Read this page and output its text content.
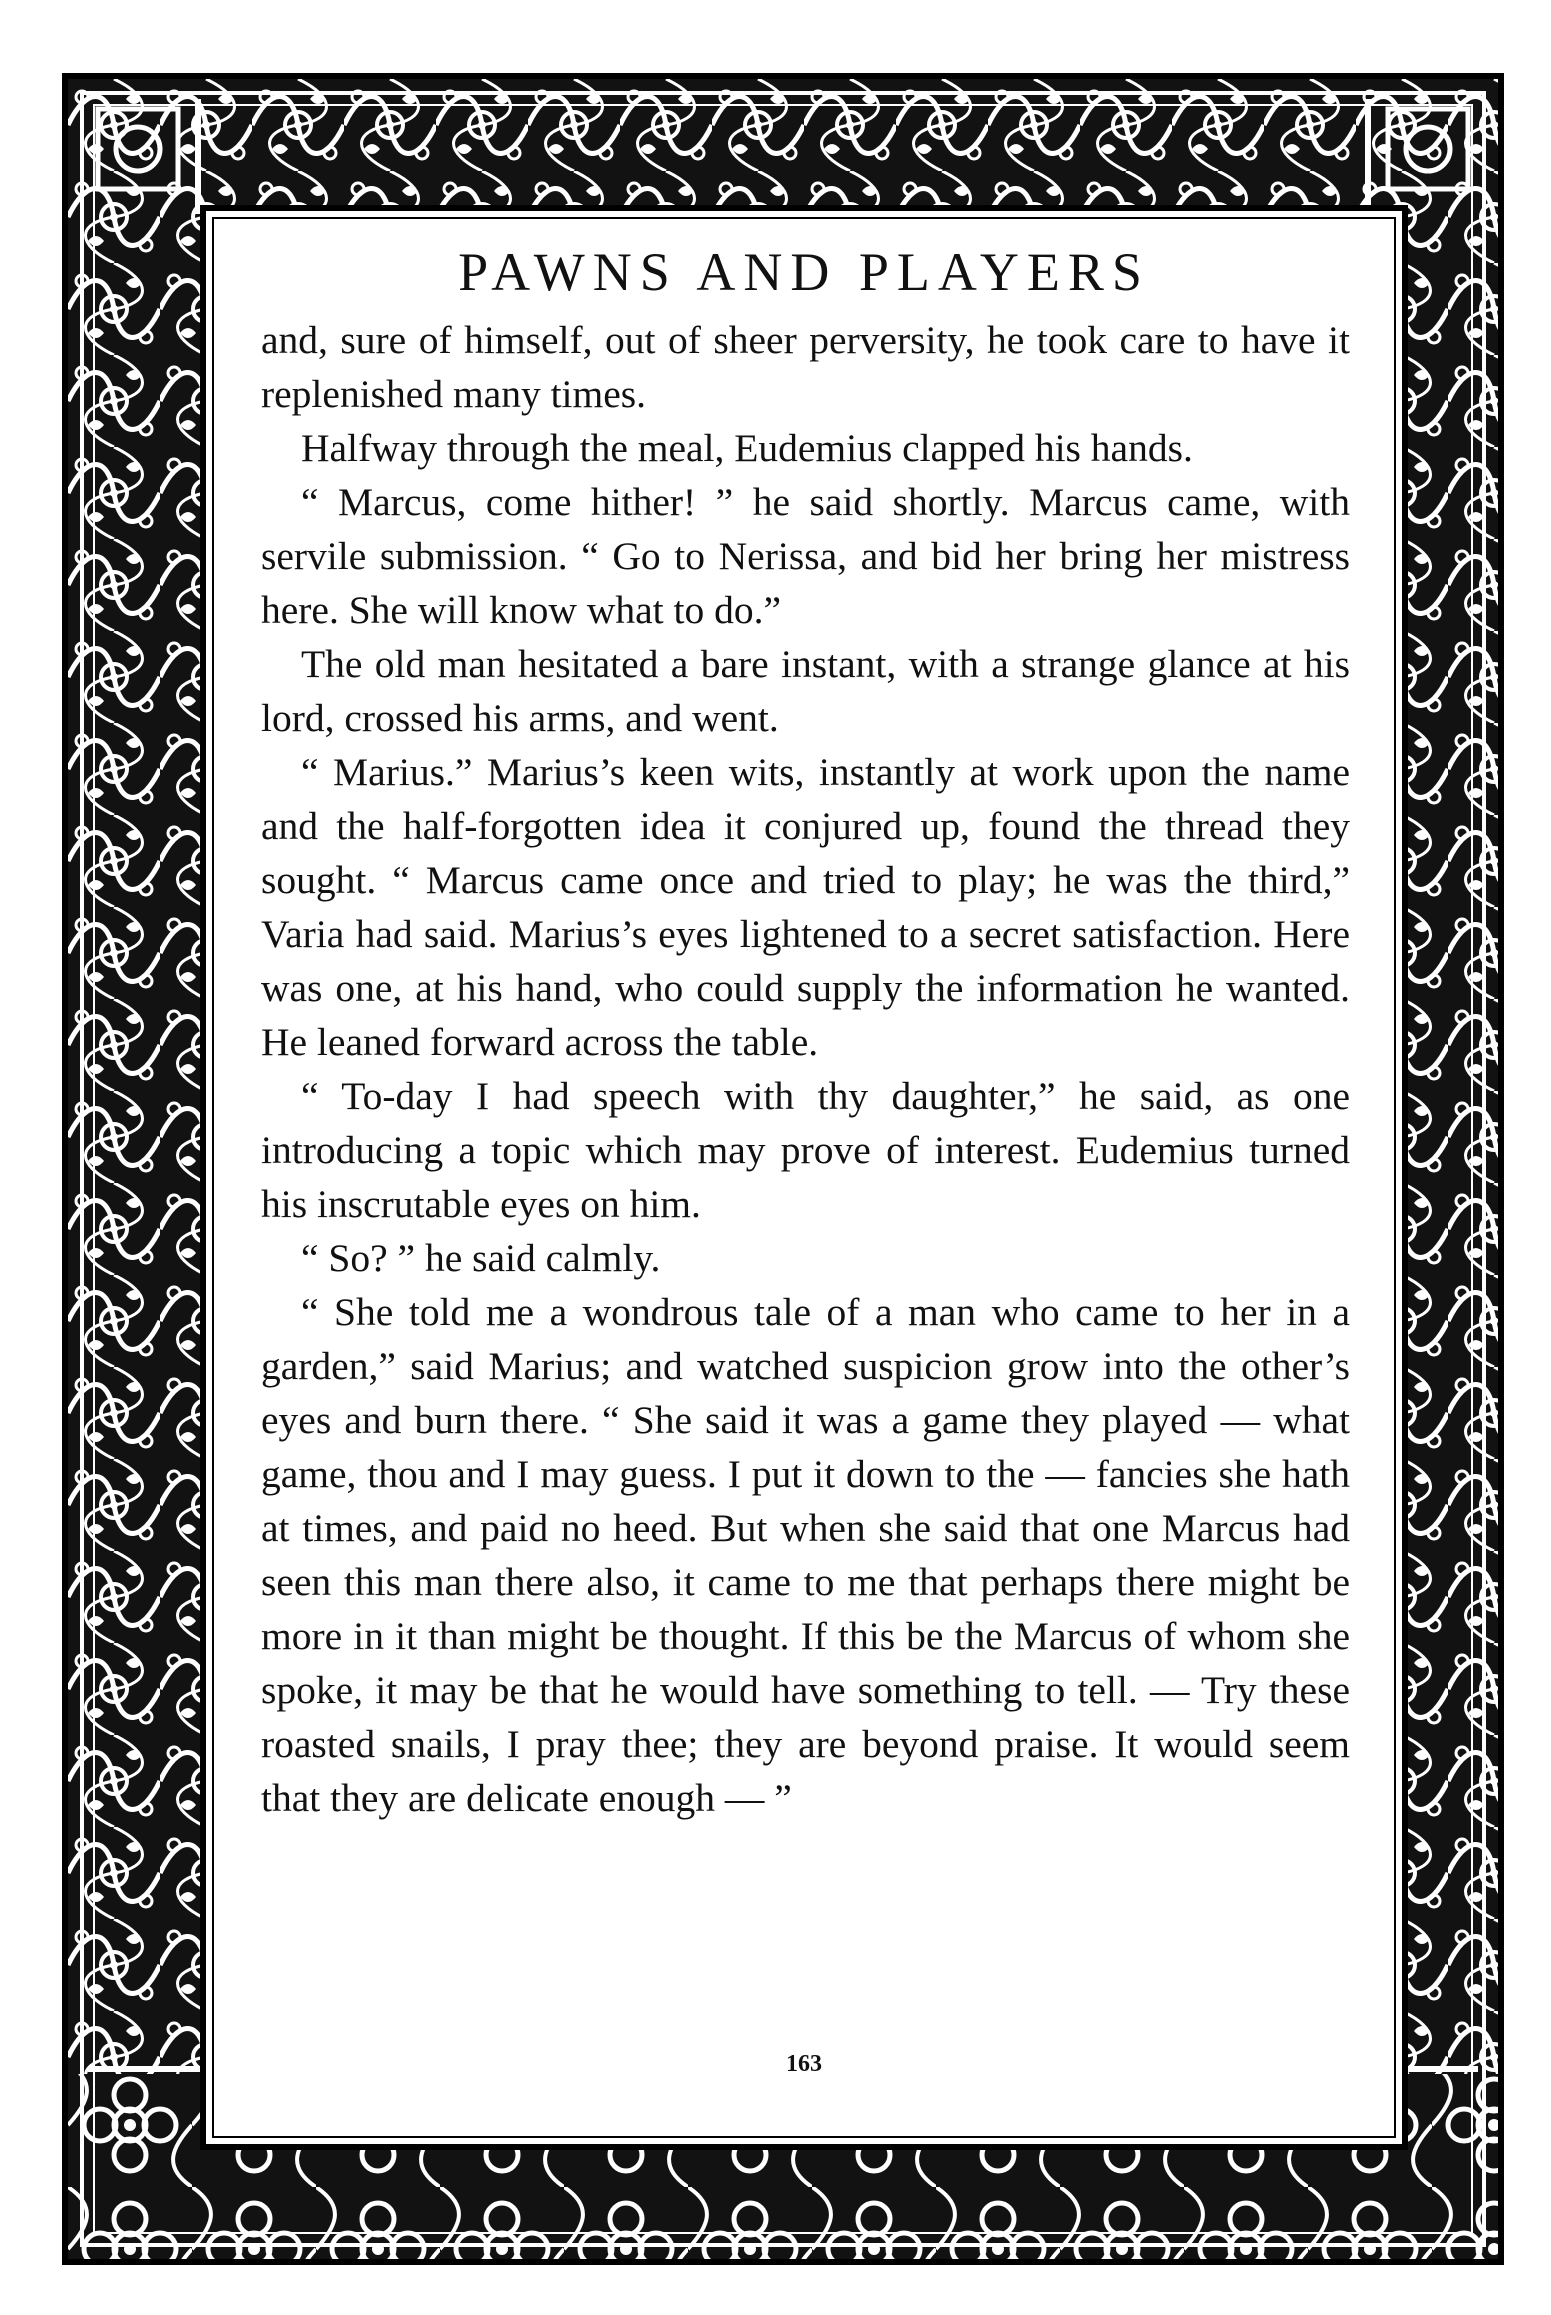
PAWNS AND PLAYERS

and, sure of himself, out of sheer perversity, he took care to have it replenished many times.

Halfway through the meal, Eudemius clapped his hands.

“ Marcus, come hither! ” he said shortly. Marcus came, with servile submission. “ Go to Nerissa, and bid her bring her mistress here. She will know what to do.”

The old man hesitated a bare instant, with a strange glance at his lord, crossed his arms, and went.

“ Marius.” Marius’s keen wits, instantly at work upon the name and the half-forgotten idea it conjured up, found the thread they sought. “ Marcus came once and tried to play; he was the third,” Varia had said. Marius’s eyes lightened to a secret satisfaction. Here was one, at his hand, who could supply the information he wanted. He leaned forward across the table.

“ To-day I had speech with thy daughter,” he said, as one introducing a topic which may prove of interest. Eudemius turned his inscrutable eyes on him.

“ So? ” he said calmly.

“ She told me a wondrous tale of a man who came to her in a garden,” said Marius; and watched suspicion grow into the other’s eyes and burn there. “ She said it was a game they played — what game, thou and I may guess. I put it down to the — fancies she hath at times, and paid no heed. But when she said that one Marcus had seen this man there also, it came to me that perhaps there might be more in it than might be thought. If this be the Marcus of whom she spoke, it may be that he would have something to tell. — Try these roasted snails, I pray thee; they are beyond praise. It would seem that they are delicate enough — ”

163
